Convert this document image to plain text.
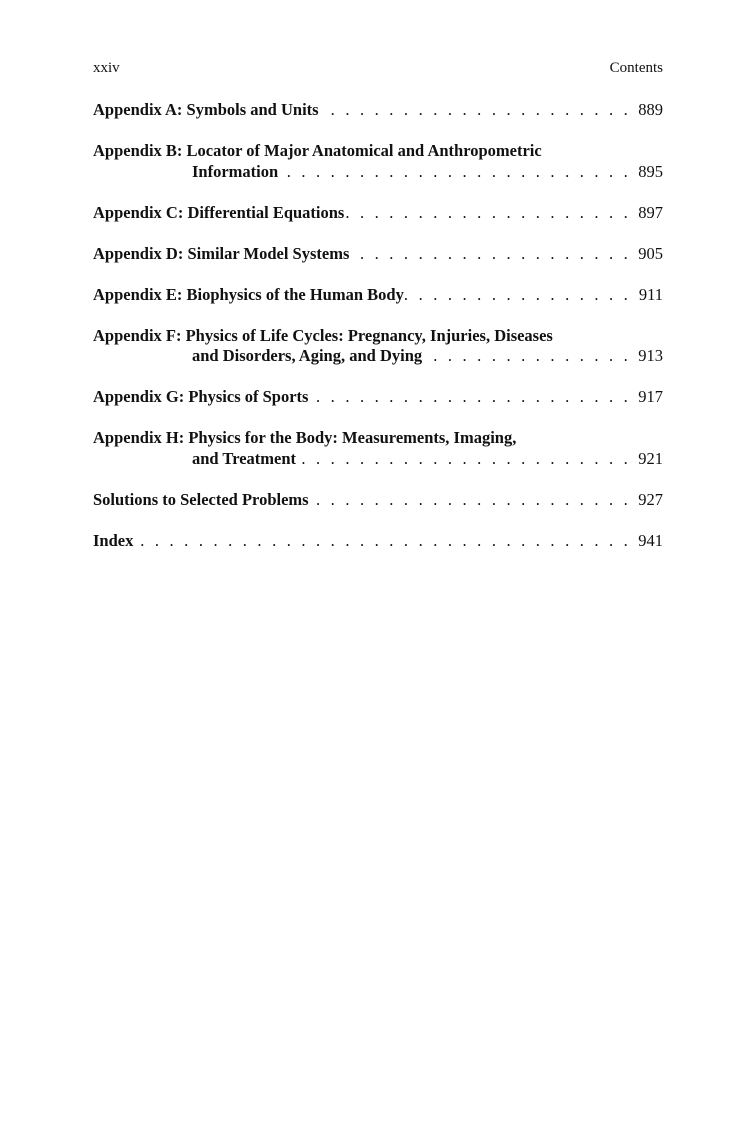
xxiv	Contents
Appendix A: Symbols and Units . . .	889
Appendix B: Locator of Major Anatomical and Anthropometric
Information . . .	895
Appendix C: Differential Equations . . .	897
Appendix D: Similar Model Systems . . .	905
Appendix E: Biophysics of the Human Body . . .	911
Appendix F: Physics of Life Cycles: Pregnancy, Injuries, Diseases
and Disorders, Aging, and Dying . . .	913
Appendix G: Physics of Sports . . .	917
Appendix H: Physics for the Body: Measurements, Imaging,
and Treatment . . .	921
Solutions to Selected Problems . . .	927
Index . . .	941
